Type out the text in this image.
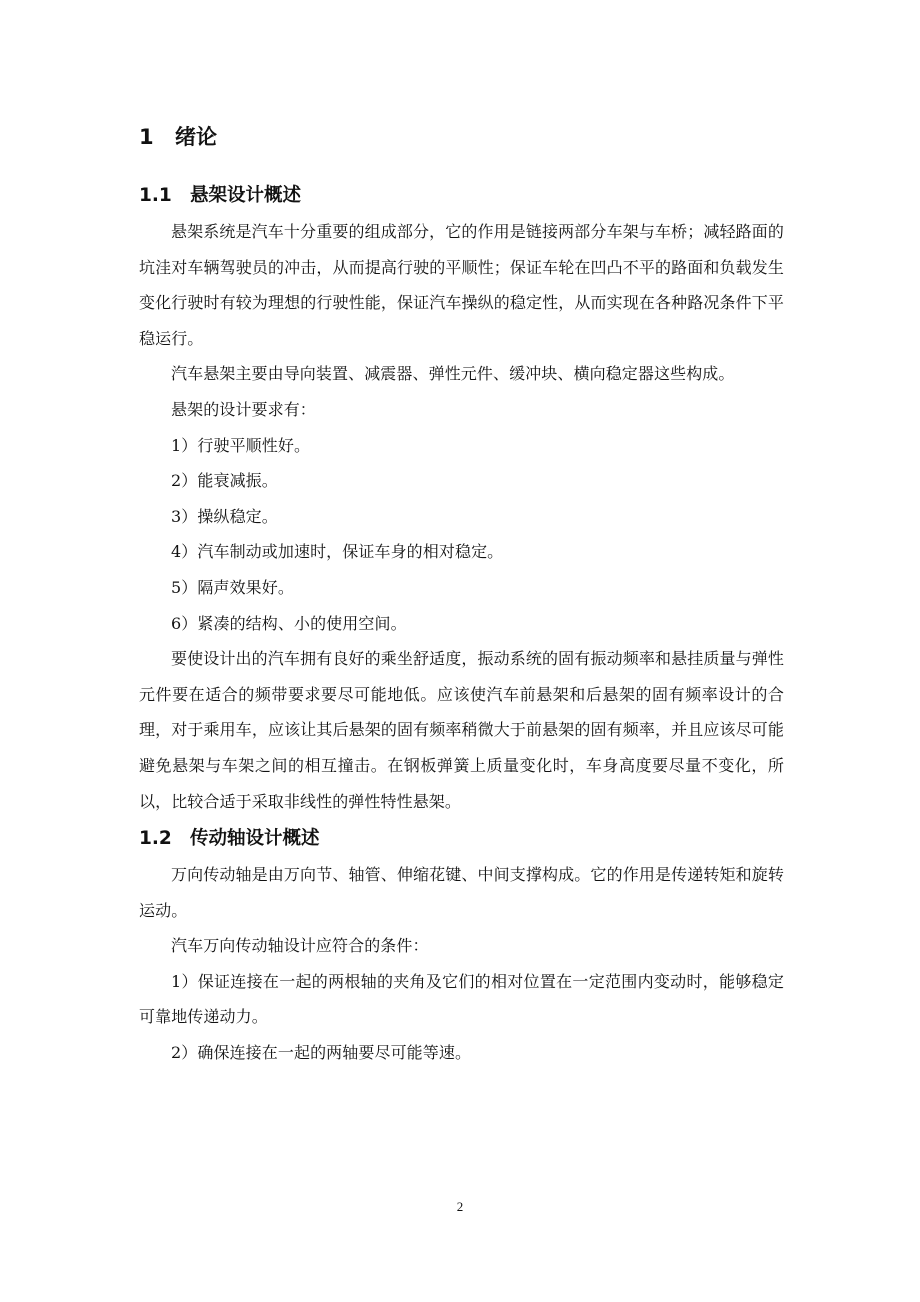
1	绪论
1.1 悬架设计概述

悬架系统是汽车十分重要的组成部分，它的作用是链接两部分车架与车桥；减轻路面的坑洼对车辆驾驶员的冲击，从而提高行驶的平顺性；保证车轮在凹凸不平的路面和负载发生变化行驶时有较为理想的行驶性能，保证汽车操纵的稳定性，从而实现在各种路况条件下平稳运行。

汽车悬架主要由导向装置、减震器、弹性元件、缓冲块、横向稳定器这些构成。

悬架的设计要求有：

1）行驶平顺性好。

2）能衰减振。

3）操纵稳定。

4）汽车制动或加速时，保证车身的相对稳定。

5）隔声效果好。

6）紧凑的结构、小的使用空间。

要使设计出的汽车拥有良好的乘坐舒适度，振动系统的固有振动频率和悬挂质量与弹性元件要在适合的频带要求要尽可能地低。应该使汽车前悬架和后悬架的固有频率设计的合理，对于乘用车，应该让其后悬架的固有频率稍微大于前悬架的固有频率，并且应该尽可能避免悬架与车架之间的相互撞击。在钢板弹簧上质量变化时，车身高度要尽量不变化，所以，比较合适于采取非线性的弹性特性悬架。

1.2 传动轴设计概述

万向传动轴是由万向节、轴管、伸缩花键、中间支撑构成。它的作用是传递转矩和旋转运动。

汽车万向传动轴设计应符合的条件：

1）保证连接在一起的两根轴的夹角及它们的相对位置在一定范围内变动时，能够稳定可靠地传递动力。

2）确保连接在一起的两轴要尽可能等速。

2
